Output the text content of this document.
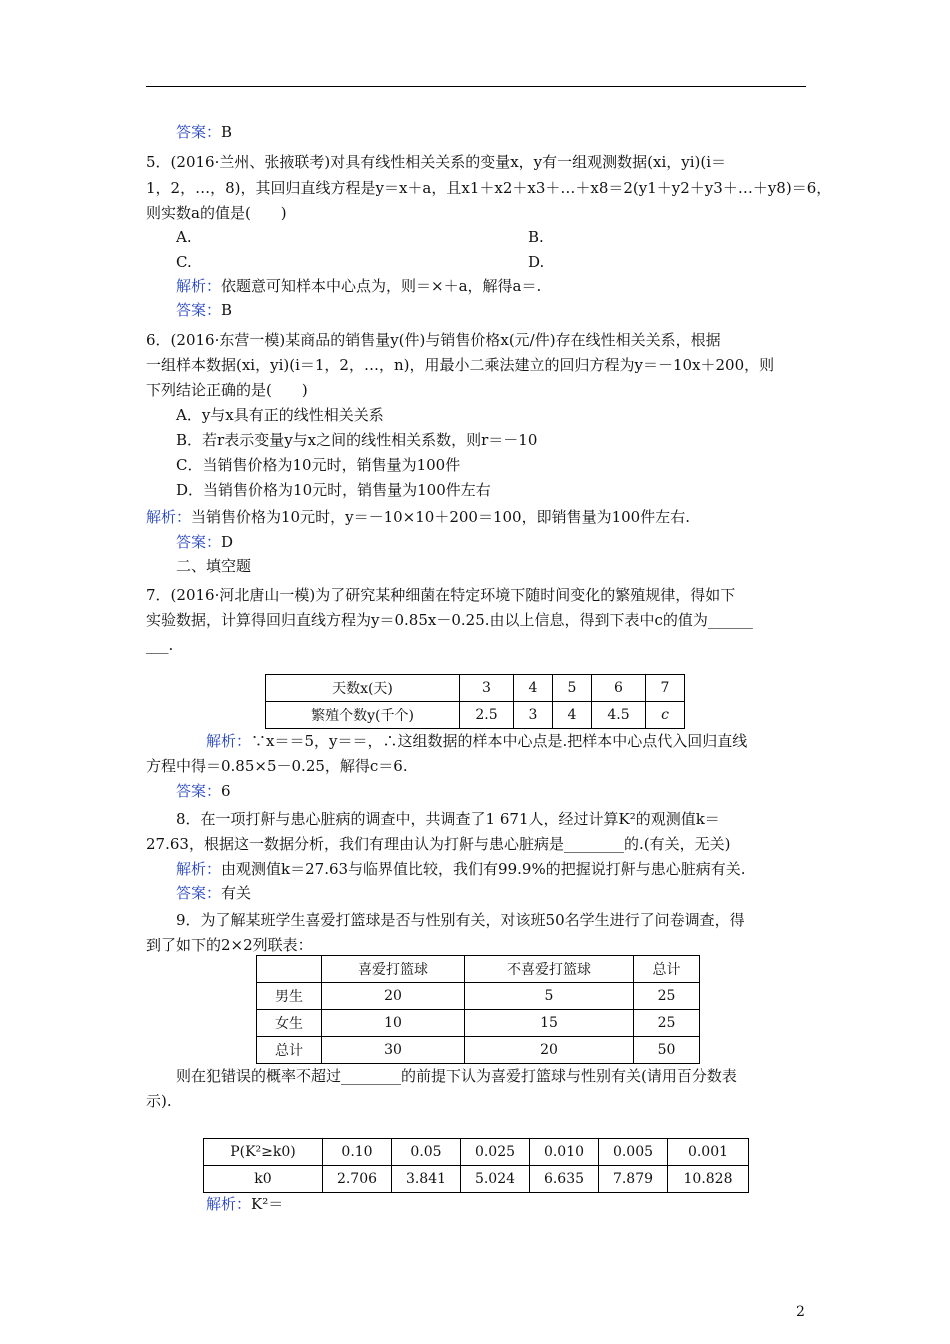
答案：B
5．(2016·兰州、张掖联考)对具有线性相关关系的变量x，y有一组观测数据(xi，yi)(i＝
1，2，…，8)，其回归直线方程是y＝x＋a，且x1＋x2＋x3＋…＋x8＝2(y1＋y2＋y3＋…＋y8)＝6，
则实数a的值是(　　)
A.	B.
C.	D.
解析：依题意可知样本中心点为，则＝×＋a，解得a＝.
答案：B
6．(2016·东营一模)某商品的销售量y(件)与销售价格x(元/件)存在线性相关关系，根据
一组样本数据(xi，yi)(i＝1，2，…，n)，用最小二乘法建立的回归方程为y＝－10x＋200，则
下列结论正确的是(　　)
A．y与x具有正的线性相关关系
B．若r表示变量y与x之间的线性相关系数，则r＝－10
C．当销售价格为10元时，销售量为100件
D．当销售价格为10元时，销售量为100件左右
解析：当销售价格为10元时，y＝－10×10＋200＝100，即销售量为100件左右.
答案：D
二、填空题
7．(2016·河北唐山一模)为了研究某种细菌在特定环境下随时间变化的繁殖规律，得如下
实验数据，计算得回归直线方程为y＝0.85x－0.25.由以上信息，得到下表中c的值为______
___.
天数x(天)	3	4	5	6	7
繁殖个数y(千个)	2.5	3	4	4.5	c
解析：∵x＝＝5，y＝＝，∴这组数据的样本中心点是.把样本中心点代入回归直线
方程中得＝0.85×5－0.25，解得c＝6.
答案：6
8．在一项打鼾与患心脏病的调查中，共调查了1 671人，经过计算K²的观测值k＝
27.63，根据这一数据分析，我们有理由认为打鼾与患心脏病是________的.(有关，无关)
解析：由观测值k＝27.63与临界值比较，我们有99.9%的把握说打鼾与患心脏病有关.
答案：有关
9．为了解某班学生喜爱打篮球是否与性别有关，对该班50名学生进行了问卷调查，得
到了如下的2×2列联表：
	喜爱打篮球	不喜爱打篮球	总计
男生	20	5	25
女生	10	15	25
总计	30	20	50
则在犯错误的概率不超过________的前提下认为喜爱打篮球与性别有关(请用百分数表
示).
P(K²≥k0)	0.10	0.05	0.025	0.010	0.005	0.001
k0	2.706	3.841	5.024	6.635	7.879	10.828
解析：K²＝
2
